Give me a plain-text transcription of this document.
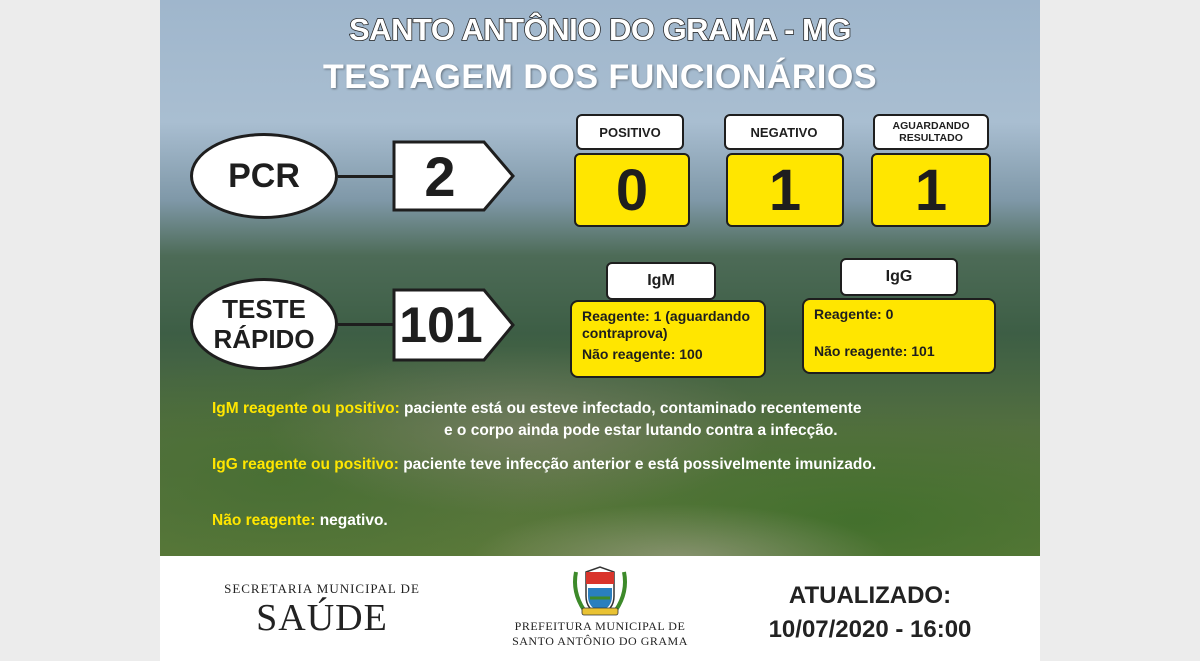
SANTO ANTÔNIO DO GRAMA - MG
TESTAGEM DOS FUNCIONÁRIOS
PCR	2
POSITIVO
0
NEGATIVO
1
AGUARDANDO
RESULTADO
1
TESTE
RÁPIDO 101
IgM
Reagente: 1 (aguardando
contraprova)
Não reagente: 100
IgG
Reagente: 0
Não reagente: 101
IgM reagente ou positivo: paciente está ou esteve infectado, contaminado recentemente
e o corpo ainda pode estar lutando contra a infecção.
IgG reagente ou positivo: paciente teve infecção anterior e está possivelmente imunizado.
Não reagente: negativo.
SECRETARIA MUNICIPAL DE
SAÚDE	PREFEITURA MUNICIPAL DE
SANTO ANTÔNIO DO GRAMA
ATUALIZADO:
10/07/2020 - 16:00
